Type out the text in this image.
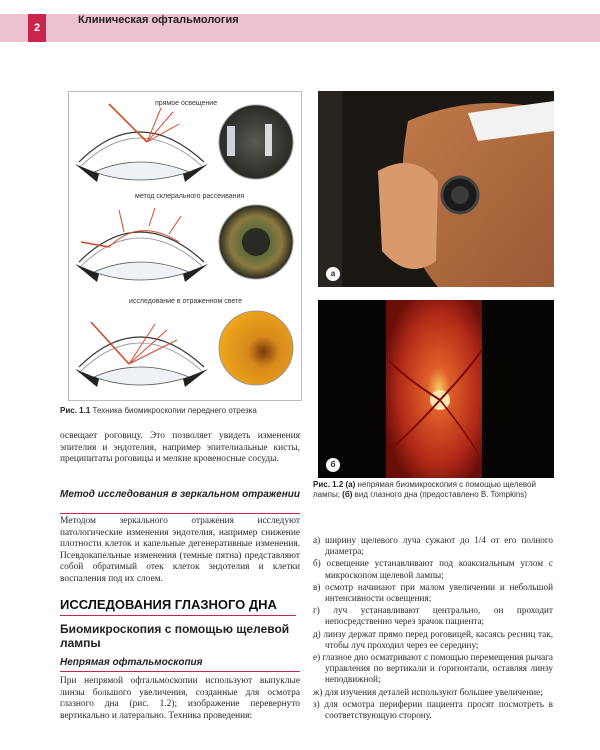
2
Клиническая офтальмология
прямое освещение
метод склерального рассеивания
исследование в отраженном свете
Рис. 1.1 Техника биомикроскопии переднего отрезка
a
б
Рис. 1.2 (а) непрямая биомикроскопия с помощью щелевой лампы; (б) вид глазного дна (предоставлено B. Tompkins)
освещает роговицу. Это позволяет увидеть изменения эпителия и эндотелия, например эпителиальные кисты, преципитаты роговицы и мелкие кровеносные сосуды.
Метод исследования в зеркальном отражении
Методом зеркального отражения исследуют патологические изменения эндотелия, например снижение плотности клеток и капельные дегенеративные изменения. Псевдокапельные изменения (темные пятна) представляют собой обратимый отек клеток эндотелия и клетки воспаления под их слоем.
ИССЛЕДОВАНИЯ ГЛАЗНОГО ДНА
Биомикроскопия с помощью щелевой лампы
Непрямая офтальмоскопия
При непрямой офтальмоскопии используют выпуклые линзы большого увеличения, созданные для осмотра глазного дна (рис. 1.2); изображение перевернуто вертикально и латерально. Техника проведения:
а) ширину щелевого луча сужают до 1/4 от его полного диаметра;
б) освещение устанавливают под коаксиальным углом с микроскопом щелевой лампы;
в) осмотр начинают при малом увеличении и небольшой интенсивности освещения;
г) луч устанавливают центрально, он проходит непосредственно через зрачок пациента;
д) линзу держат прямо перед роговицей, касаясь ресниц так, чтобы луч проходил через ее середину;
е) глазное дно осматривают с помощью перемещения рычага управления по вертикали и горизонтали, оставляя линзу неподвижной;
ж) для изучения деталей используют большее увеличение;
з) для осмотра периферии пациента просят посмотреть в соответствующую сторону.
